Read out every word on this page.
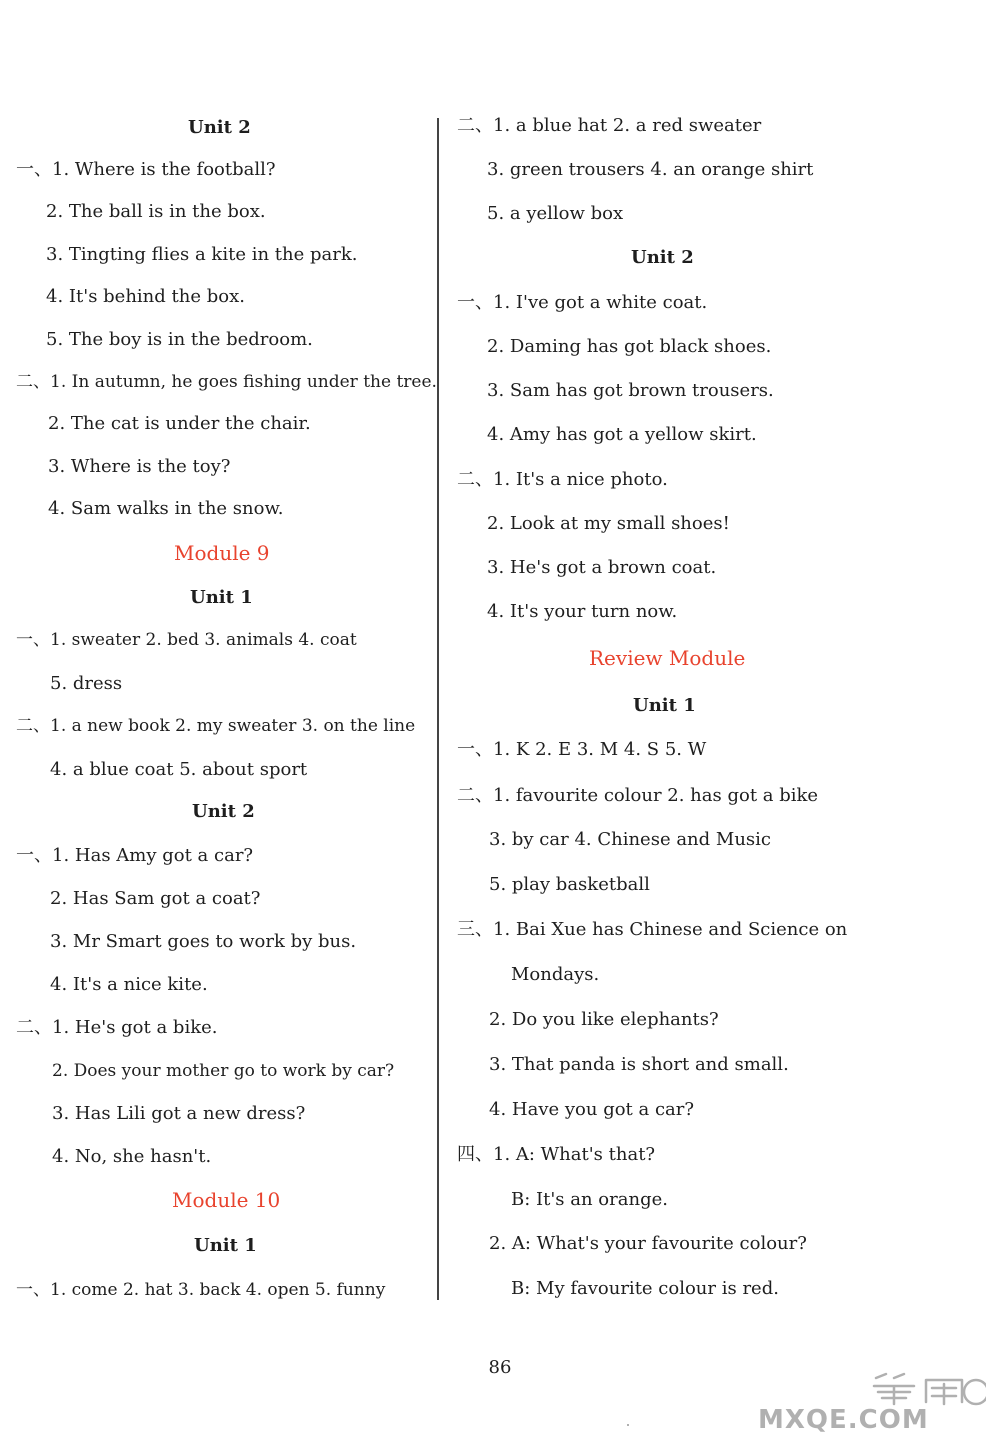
Unit 2
一、1. Where is the football?
2. The ball is in the box.
3. Tingting flies a kite in the park.
4. It's behind the box.
5. The boy is in the bedroom.
二、1. In autumn, he goes fishing under the tree.
2. The cat is under the chair.
3. Where is the toy?
4. Sam walks in the snow.
Module 9
Unit 1
一、1. sweater 2. bed 3. animals 4. coat
5. dress
二、1. a new book 2. my sweater 3. on the line
4. a blue coat 5. about sport
Unit 2
一、1. Has Amy got a car?
2. Has Sam got a coat?
3. Mr Smart goes to work by bus.
4. It's a nice kite.
二、1. He's got a bike.
2. Does your mother go to work by car?
3. Has Lili got a new dress?
4. No, she hasn't.
Module 10
Unit 1
一、1. come 2. hat 3. back 4. open 5. funny
二、1. a blue hat 2. a red sweater
3. green trousers 4. an orange shirt
5. a yellow box
Unit 2
一、1. I've got a white coat.
2. Daming has got black shoes.
3. Sam has got brown trousers.
4. Amy has got a yellow skirt.
二、1. It's a nice photo.
2. Look at my small shoes!
3. He's got a brown coat.
4. It's your turn now.
Review Module
Unit 1
一、1. K 2. E 3. M 4. S 5. W
二、1. favourite colour 2. has got a bike
3. by car 4. Chinese and Music
5. play basketball
三、1. Bai Xue has Chinese and Science on
Mondays.
2. Do you like elephants?
3. That panda is short and small.
4. Have you got a car?
四、1. A: What's that?
B: It's an orange.
2. A: What's your favourite colour?
B: My favourite colour is red.
86
MXQE.COM
